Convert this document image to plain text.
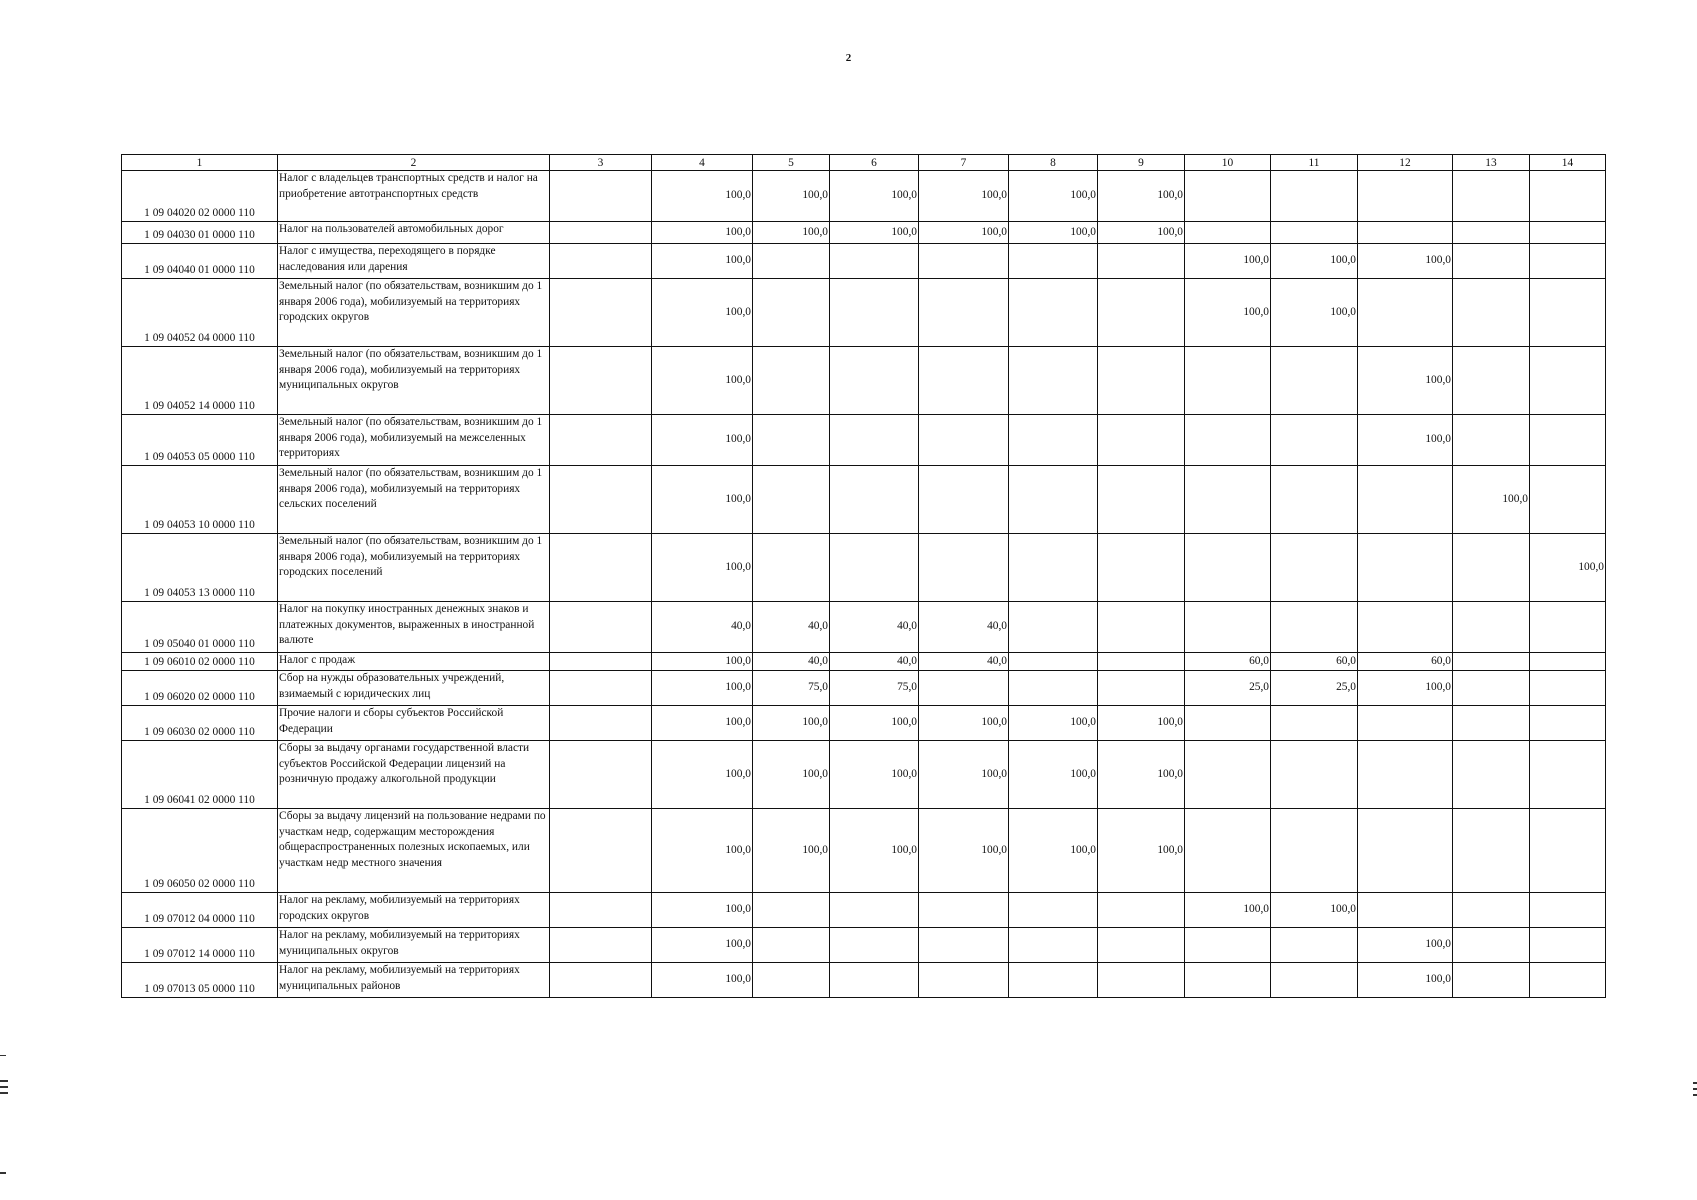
2
1	2	3	4	5	6	7	8	9	10	11	12	13	14
1 09 04020 02 0000 110	Налог с владельцев транспортных средств и налог на приобретение автотранспортных средств		100,0	100,0	100,0	100,0	100,0	100,0					
1 09 04030 01 0000 110	Налог на пользователей автомобильных дорог		100,0	100,0	100,0	100,0	100,0	100,0					
1 09 04040 01 0000 110	Налог с имущества, переходящего в порядке наследования или дарения		100,0						100,0	100,0	100,0		
1 09 04052 04 0000 110	Земельный налог (по обязательствам, возникшим до 1 января 2006 года), мобилизуемый на территориях городских округов		100,0						100,0	100,0			
1 09 04052 14 0000 110	Земельный налог (по обязательствам, возникшим до 1 января 2006 года), мобилизуемый на территориях муниципальных округов		100,0								100,0		
1 09 04053 05 0000 110	Земельный налог (по обязательствам, возникшим до 1 января 2006 года), мобилизуемый на межселенных территориях		100,0								100,0		
1 09 04053 10 0000 110	Земельный налог (по обязательствам, возникшим до 1 января 2006 года), мобилизуемый на территориях сельских поселений		100,0									100,0	
1 09 04053 13 0000 110	Земельный налог (по обязательствам, возникшим до 1 января 2006 года), мобилизуемый на территориях городских поселений		100,0										100,0
1 09 05040 01 0000 110	Налог на покупку иностранных денежных знаков и платежных документов, выраженных в иностранной валюте		40,0	40,0	40,0	40,0							
1 09 06010 02 0000 110	Налог с продаж		100,0	40,0	40,0	40,0			60,0	60,0	60,0		
1 09 06020 02 0000 110	Сбор на нужды образовательных учреждений, взимаемый с юридических лиц		100,0	75,0	75,0				25,0	25,0	100,0		
1 09 06030 02 0000 110	Прочие налоги и сборы субъектов Российской Федерации		100,0	100,0	100,0	100,0	100,0	100,0					
1 09 06041 02 0000 110	Сборы за выдачу органами государственной власти субъектов Российской Федерации лицензий на розничную продажу алкогольной продукции		100,0	100,0	100,0	100,0	100,0	100,0					
1 09 06050 02 0000 110	Сборы за выдачу лицензий на пользование недрами по участкам недр, содержащим месторождения общераспространенных полезных ископаемых, или участкам недр местного значения		100,0	100,0	100,0	100,0	100,0	100,0					
1 09 07012 04 0000 110	Налог на рекламу, мобилизуемый на территориях городских округов		100,0						100,0	100,0			
1 09 07012 14 0000 110	Налог на рекламу, мобилизуемый на территориях муниципальных округов		100,0								100,0		
1 09 07013 05 0000 110	Налог на рекламу, мобилизуемый на территориях муниципальных районов		100,0								100,0		
